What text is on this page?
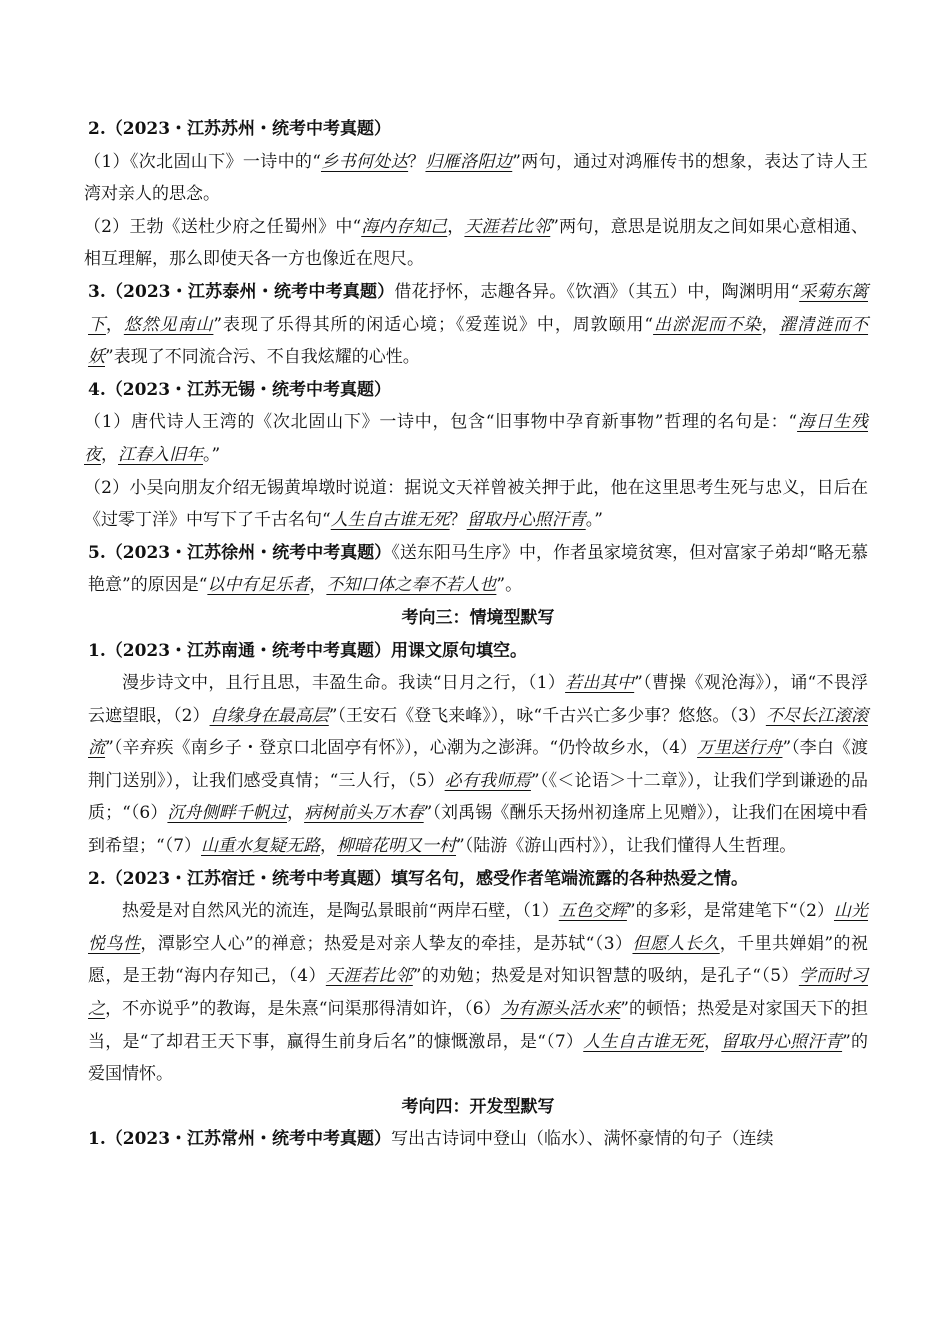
2.（2023・江苏苏州・统考中考真题）

（1）《次北固山下》一诗中的“乡书何处达？归雁洛阳边”两句，通过对鸿雁传书的想象，表达了诗人王湾对亲人的思念。

（2）王勃《送杜少府之任蜀州》中“海内存知己，天涯若比邻”两句，意思是说朋友之间如果心意相通、相互理解，那么即使天各一方也像近在咫尺。

3.（2023・江苏泰州・统考中考真题）借花抒怀，志趣各异。《饮酒》（其五）中，陶渊明用“采菊东篱下，悠然见南山”表现了乐得其所的闲适心境；《爱莲说》中，周敦颐用“出淤泥而不染，濯清涟而不妖”表现了不同流合污、不自我炫耀的心性。

4.（2023・江苏无锡・统考中考真题）

（1）唐代诗人王湾的《次北固山下》一诗中，包含“旧事物中孕育新事物”哲理的名句是：“海日生残夜，江春入旧年。”

（2）小吴向朋友介绍无锡黄埠墩时说道：据说文天祥曾被关押于此，他在这里思考生死与忠义，日后在《过零丁洋》中写下了千古名句“人生自古谁无死？留取丹心照汗青。”

5.（2023・江苏徐州・统考中考真题）《送东阳马生序》中，作者虽家境贫寒，但对富家子弟却“略无慕艳意”的原因是“以中有足乐者，不知口体之奉不若人也”。

考向三：情境型默写

1.（2023・江苏南通・统考中考真题）用课文原句填空。

漫步诗文中，且行且思，丰盈生命。我读“日月之行，（1）若出其中”（曹操《观沧海》），诵“不畏浮云遮望眼，（2）自缘身在最高层”（王安石《登飞来峰》），咏“千古兴亡多少事？悠悠。（3）不尽长江滚滚流”（辛弃疾《南乡子・登京口北固亭有怀》），心潮为之澎湃。“仍怜故乡水，（4）万里送行舟”（李白《渡荆门送别》），让我们感受真情；“三人行，（5）必有我师焉”（《＜论语＞十二章》），让我们学到谦逊的品质；“（6）沉舟侧畔千帆过，病树前头万木春”（刘禹锡《酬乐天扬州初逢席上见赠》），让我们在困境中看到希望；“（7）山重水复疑无路，柳暗花明又一村”（陆游《游山西村》），让我们懂得人生哲理。

2.（2023・江苏宿迁・统考中考真题）填写名句，感受作者笔端流露的各种热爱之情。

热爱是对自然风光的流连，是陶弘景眼前“两岸石壁，（1）五色交辉”的多彩，是常建笔下“（2）山光悦鸟性，潭影空人心”的禅意；热爱是对亲人挚友的牵挂，是苏轼“（3）但愿人长久，千里共婵娟”的祝愿，是王勃“海内存知己，（4）天涯若比邻”的劝勉；热爱是对知识智慧的吸纳，是孔子“（5）学而时习之，不亦说乎”的教诲，是朱熹“问渠那得清如许，（6）为有源头活水来”的顿悟；热爱是对家国天下的担当，是“了却君王天下事，赢得生前身后名”的慷慨激昂，是“（7）人生自古谁无死，留取丹心照汗青”的爱国情怀。

考向四：开发型默写

1.（2023・江苏常州・统考中考真题）写出古诗词中登山（临水）、满怀豪情的句子（连续
